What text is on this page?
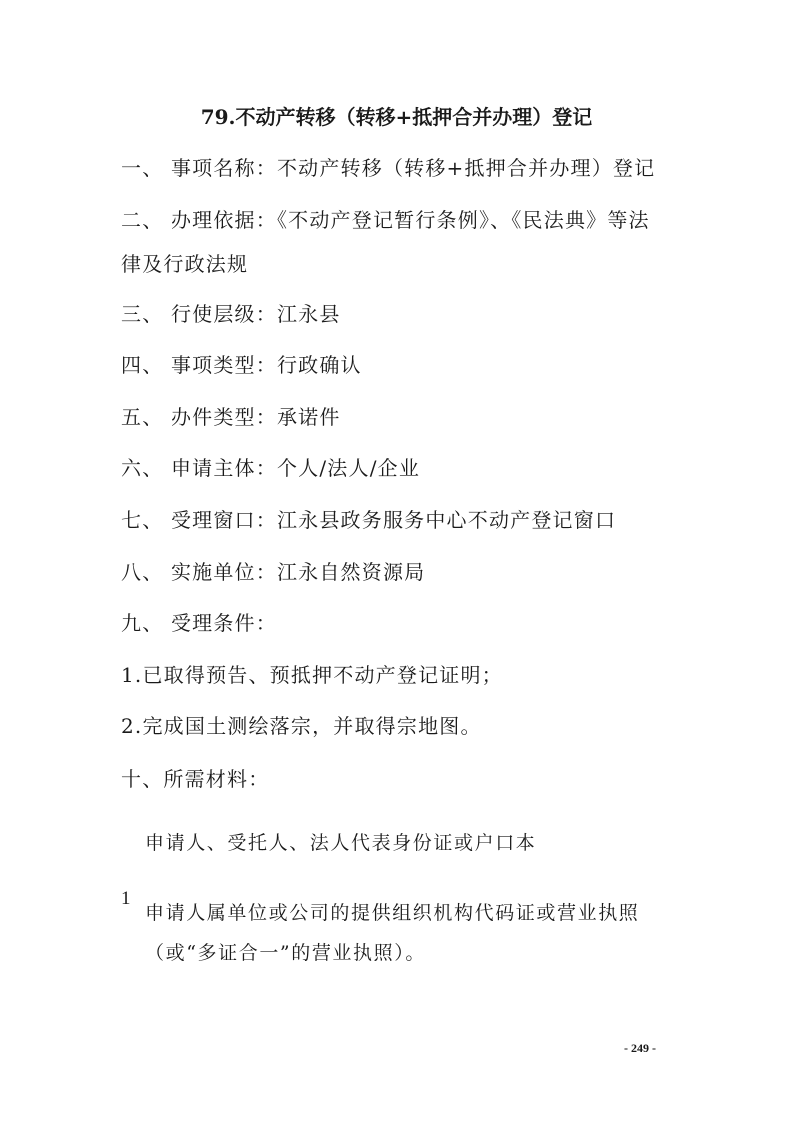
79.不动产转移（转移+抵押合并办理）登记
一、 事项名称：不动产转移（转移+抵押合并办理）登记
二、 办理依据：《不动产登记暂行条例》、《民法典》等法
律及行政法规
三、 行使层级：江永县
四、 事项类型：行政确认
五、 办件类型：承诺件
六、 申请主体：个人/法人/企业
七、 受理窗口：江永县政务服务中心不动产登记窗口
八、 实施单位：江永自然资源局
九、 受理条件：
1.已取得预告、预抵押不动产登记证明；
2.完成国土测绘落宗，并取得宗地图。
十、所需材料：
申请人、受托人、法人代表身份证或户口本
1
申请人属单位或公司的提供组织机构代码证或营业执照
（或“多证合一”的营业执照）。
- 249 -
